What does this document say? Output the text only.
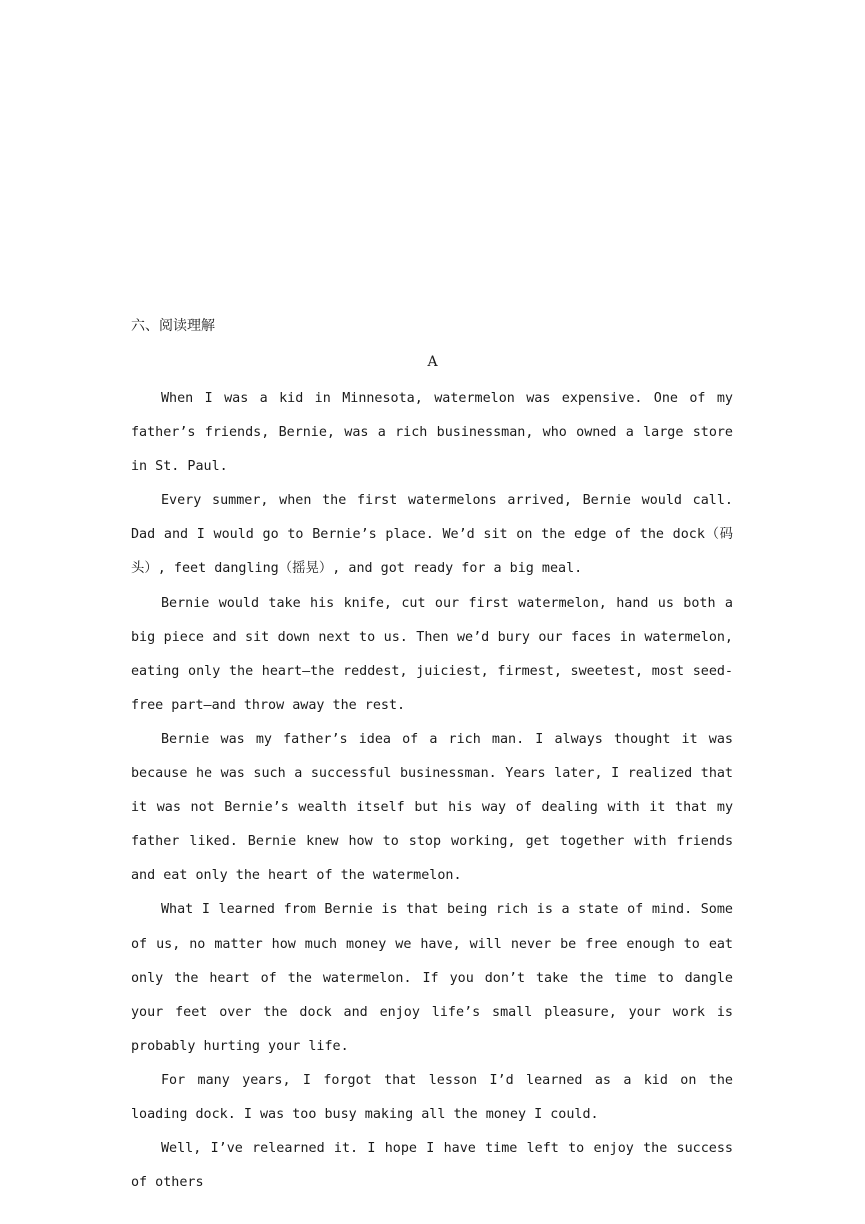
六、阅读理解
A

When I was a kid in Minnesota, watermelon was expensive. One of my father’s friends, Bernie, was a rich businessman, who owned a large store in St. Paul.

Every summer, when the first watermelons arrived, Bernie would call. Dad and I would go to Bernie’s place. We’d sit on the edge of the dock（码头）, feet dangling（摇晃）, and got ready for a big meal.

Bernie would take his knife, cut our first watermelon, hand us both a big piece and sit down next to us. Then we’d bury our faces in watermelon, eating only the heart—the reddest, juiciest, firmest, sweetest, most seed-free part—and throw away the rest.

Bernie was my father’s idea of a rich man. I always thought it was because he was such a successful businessman. Years later, I realized that it was not Bernie’s wealth itself but his way of dealing with it that my father liked. Bernie knew how to stop working, get together with friends and eat only the heart of the watermelon.

What I learned from Bernie is that being rich is a state of mind. Some of us, no matter how much money we have, will never be free enough to eat only the heart of the watermelon. If you don’t take the time to dangle your feet over the dock and enjoy life’s small pleasure, your work is probably hurting your life.

For many years, I forgot that lesson I’d learned as a kid on the loading dock. I was too busy making all the money I could.

Well, I’ve relearned it. I hope I have time left to enjoy the success of others
